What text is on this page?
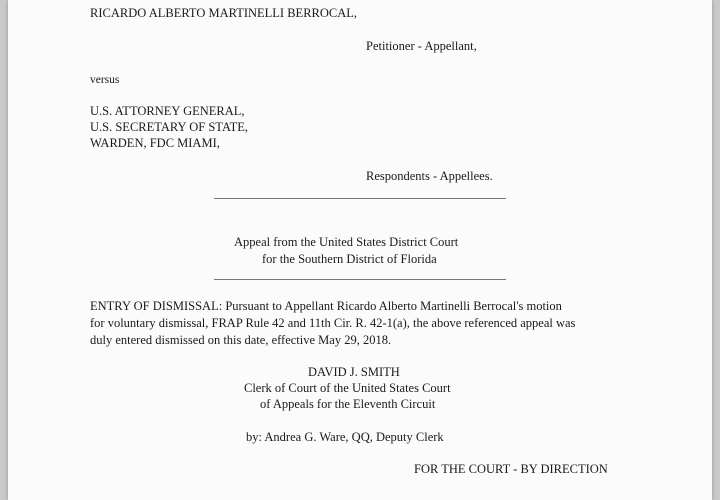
RICARDO ALBERTO MARTINELLI BERROCAL,
Petitioner - Appellant,
versus
U.S. ATTORNEY GENERAL,
U.S. SECRETARY OF STATE,
WARDEN, FDC MIAMI,
Respondents - Appellees.
Appeal from the United States District Court
for the Southern District of Florida
ENTRY OF DISMISSAL: Pursuant to Appellant Ricardo Alberto Martinelli Berrocal's motion
for voluntary dismissal, FRAP Rule 42 and 11th Cir. R. 42-1(a), the above referenced appeal was
duly entered dismissed on this date, effective May 29, 2018.
DAVID J. SMITH
Clerk of Court of the United States Court
of Appeals for the Eleventh Circuit
by: Andrea G. Ware, QQ, Deputy Clerk
FOR THE COURT - BY DIRECTION
